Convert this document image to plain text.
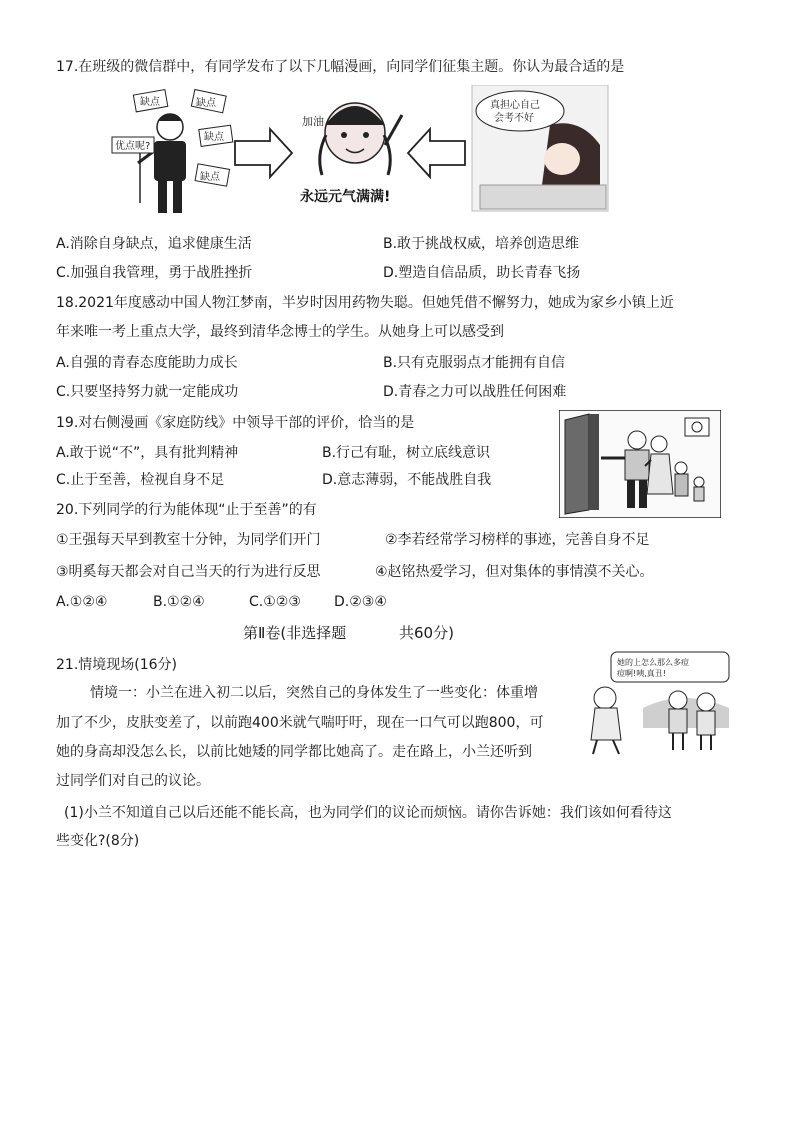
17.在班级的微信群中，有同学发布了以下几幅漫画，向同学们征集主题。你认为最合适的是
缺点	缺点
缺点
缺点
优点呢?
加油
永远元气满满!
真担心自己
会考不好
A.消除自身缺点，追求健康生活	B.敢于挑战权威，培养创造思维
C.加强自我管理，勇于战胜挫折	D.塑造自信品质，助长青春飞扬
18.2021年度感动中国人物江梦南，半岁时因用药物失聪。但她凭借不懈努力，她成为家乡小镇上近
年来唯一考上重点大学，最终到清华念博士的学生。从她身上可以感受到
A.自强的青春态度能助力成长	B.只有克服弱点才能拥有自信
C.只要坚持努力就一定能成功	D.青春之力可以战胜任何困难
19.对右侧漫画《家庭防线》中领导干部的评价，恰当的是
A.敢于说“不”，具有批判精神	B.行己有耻，树立底线意识
C.止于至善，检视自身不足	D.意志薄弱，不能战胜自我
20.下列同学的行为能体现“止于至善”的有
①王强每天早到教室十分钟，为同学们开门	②李若经常学习榜样的事迹，完善自身不足
③明奚每天都会对自己当天的行为进行反思	④赵铭热爱学习，但对集体的事情漠不关心。
A.①②④	B.①②④	C.①②③ D.②③④
第Ⅱ卷(非选择题	共60分)
21.情境现场(16分)
情境一：小兰在进入初二以后，突然自己的身体发生了一些变化：体重增
加了不少，皮肤变差了，以前跑400米就气喘吁吁，现在一口气可以跑800，可
她的身高却没怎么长，以前比她矮的同学都比她高了。走在路上，小兰还听到
过同学们对自己的议论。
她的上怎么那么多痘
痘啊!咦,真丑!
(1)小兰不知道自己以后还能不能长高，也为同学们的议论而烦恼。请你告诉她：我们该如何看待这
些变化?(8分)
